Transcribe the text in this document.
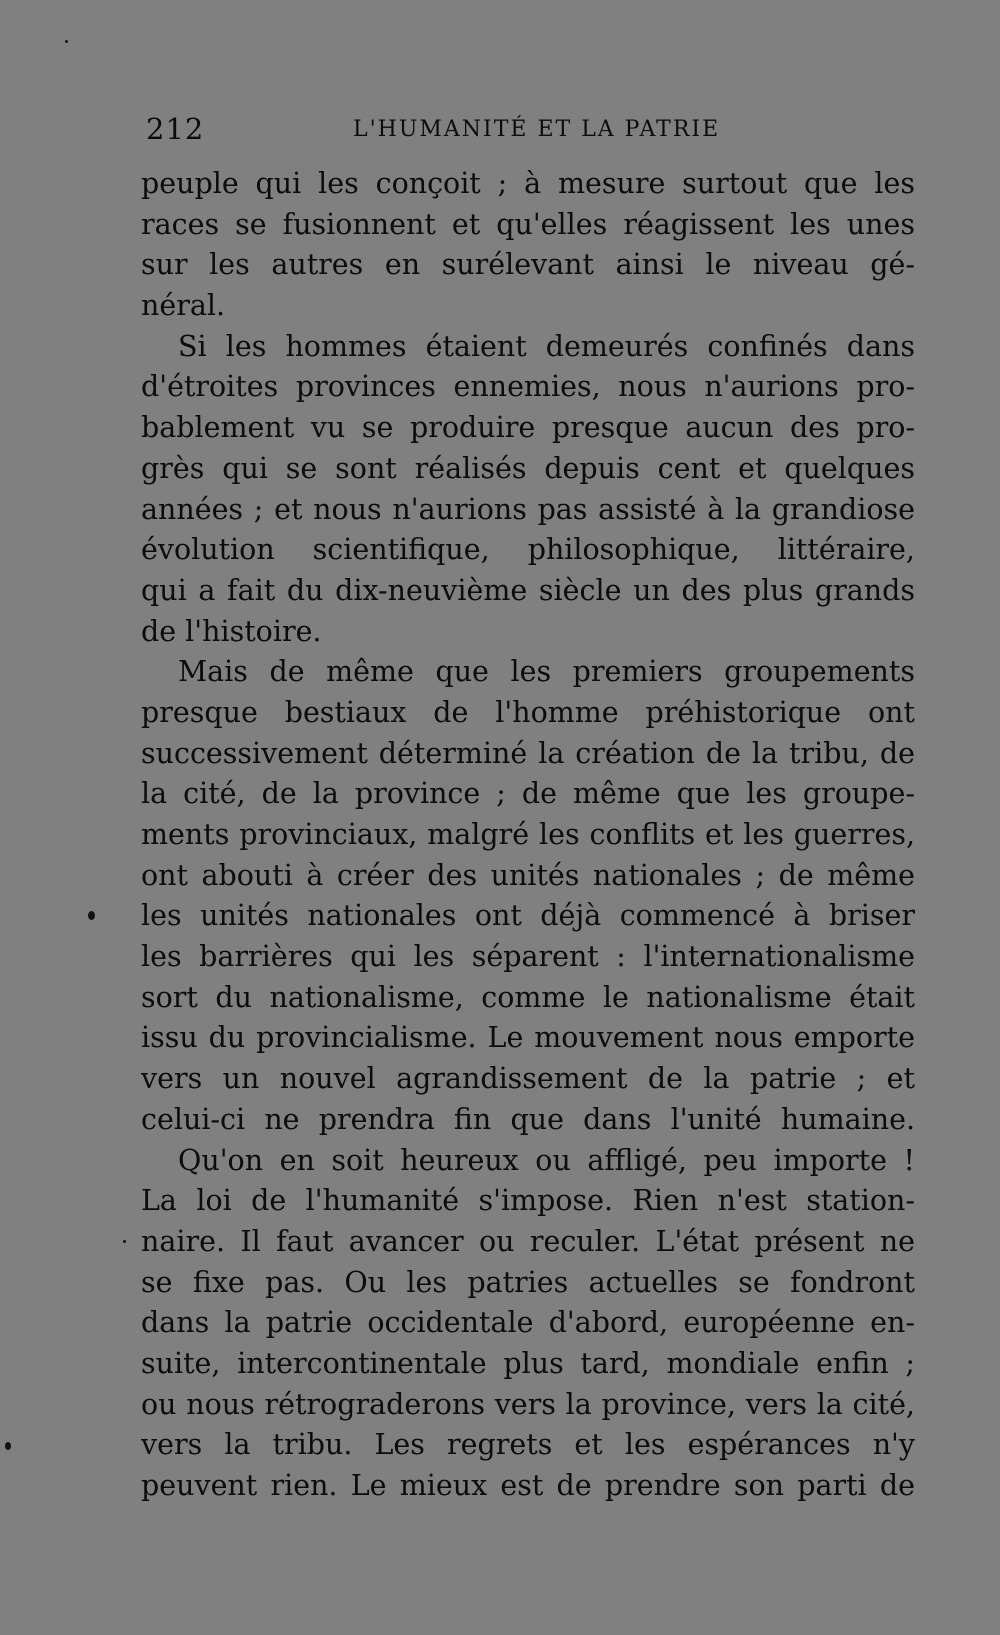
212	L'HUMANITÉ ET LA PATRIE
peuple qui les conçoit ; à mesure surtout que les
races se fusionnent et qu'elles réagissent les unes
sur les autres en surélevant ainsi le niveau gé-
néral.
Si les hommes étaient demeurés confinés dans
d'étroites provinces ennemies, nous n'aurions pro-
bablement vu se produire presque aucun des pro-
grès qui se sont réalisés depuis cent et quelques
années ; et nous n'aurions pas assisté à la grandiose
évolution scientifique, philosophique, littéraire,
qui a fait du dix-neuvième siècle un des plus grands
de l'histoire.
Mais de même que les premiers groupements
presque bestiaux de l'homme préhistorique ont
successivement déterminé la création de la tribu, de
la cité, de la province ; de même que les groupe-
ments provinciaux, malgré les conflits et les guerres,
ont abouti à créer des unités nationales ; de même
les unités nationales ont déjà commencé à briser
les barrières qui les séparent : l'internationalisme
sort du nationalisme, comme le nationalisme était
issu du provincialisme. Le mouvement nous emporte
vers un nouvel agrandissement de la patrie ; et
celui-ci ne prendra fin que dans l'unité humaine.
Qu'on en soit heureux ou affligé, peu importe !
La loi de l'humanité s'impose. Rien n'est station-
naire. Il faut avancer ou reculer. L'état présent ne
se fixe pas. Ou les patries actuelles se fondront
dans la patrie occidentale d'abord, européenne en-
suite, intercontinentale plus tard, mondiale enfin ;
ou nous rétrograderons vers la province, vers la cité,
vers la tribu. Les regrets et les espérances n'y
peuvent rien. Le mieux est de prendre son parti de
